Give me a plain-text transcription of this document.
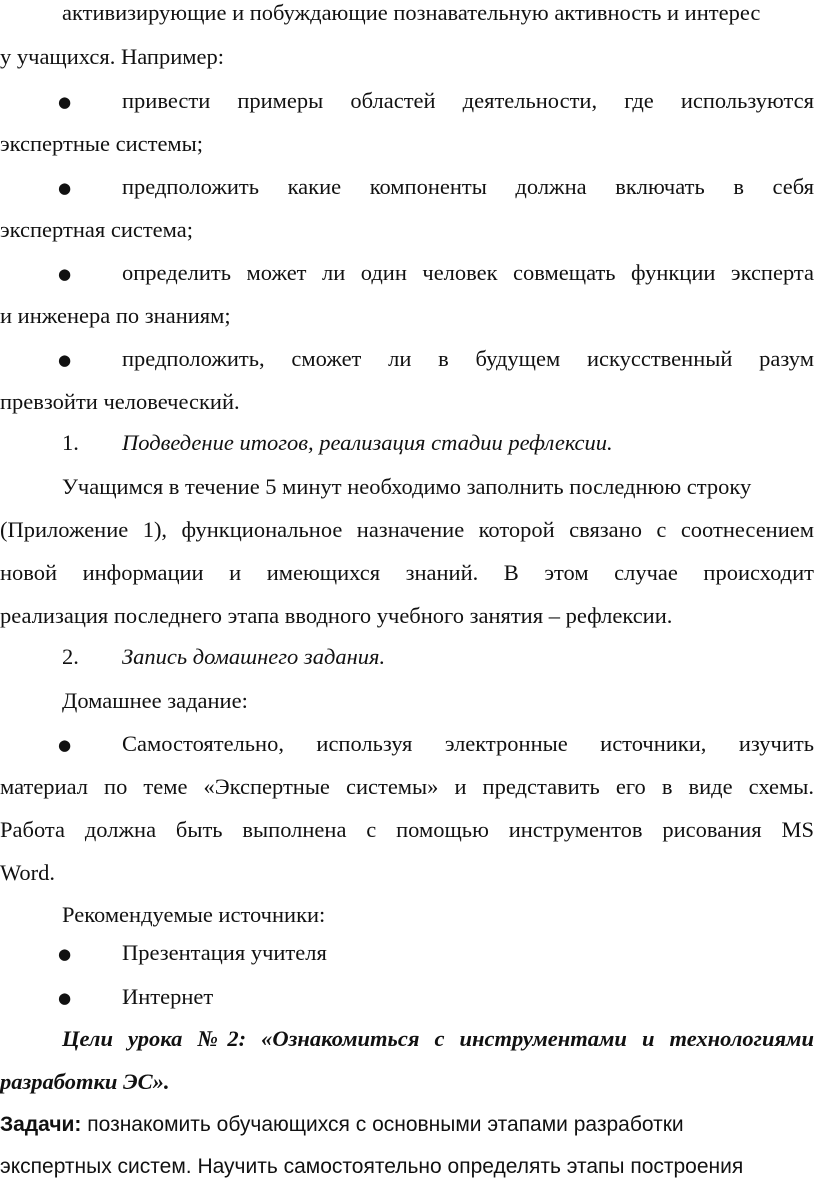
активизирующие и побуждающие познавательную активность и интерес
у учащихся. Например:
● привести примеры областей деятельности, где используются
экспертные системы;
● предположить какие компоненты должна включать в себя
экспертная система;
● определить может ли один человек совмещать функции эксперта
и инженера по знаниям;
● предположить, сможет ли в будущем искусственный разум
превзойти человеческий.
1. Подведение итогов, реализация стадии рефлексии.
Учащимся в течение 5 минут необходимо заполнить последнюю строку
(Приложение 1), функциональное назначение которой связано с соотнесением
новой информации и имеющихся знаний. В этом случае происходит
реализация последнего этапа вводного учебного занятия – рефлексии.
2. Запись домашнего задания.
Домашнее задание:
● Самостоятельно, используя электронные источники, изучить
материал по теме «Экспертные системы» и представить его в виде схемы.
Работа должна быть выполнена с помощью инструментов рисования MS
Word.
Рекомендуемые источники:
● Презентация учителя
● Интернет
Цели урока №2: «Ознакомиться с инструментами и технологиями
разработки ЭС».
Задачи: познакомить обучающихся с основными этапами разработки
экспертных систем. Научить самостоятельно определять этапы построения
